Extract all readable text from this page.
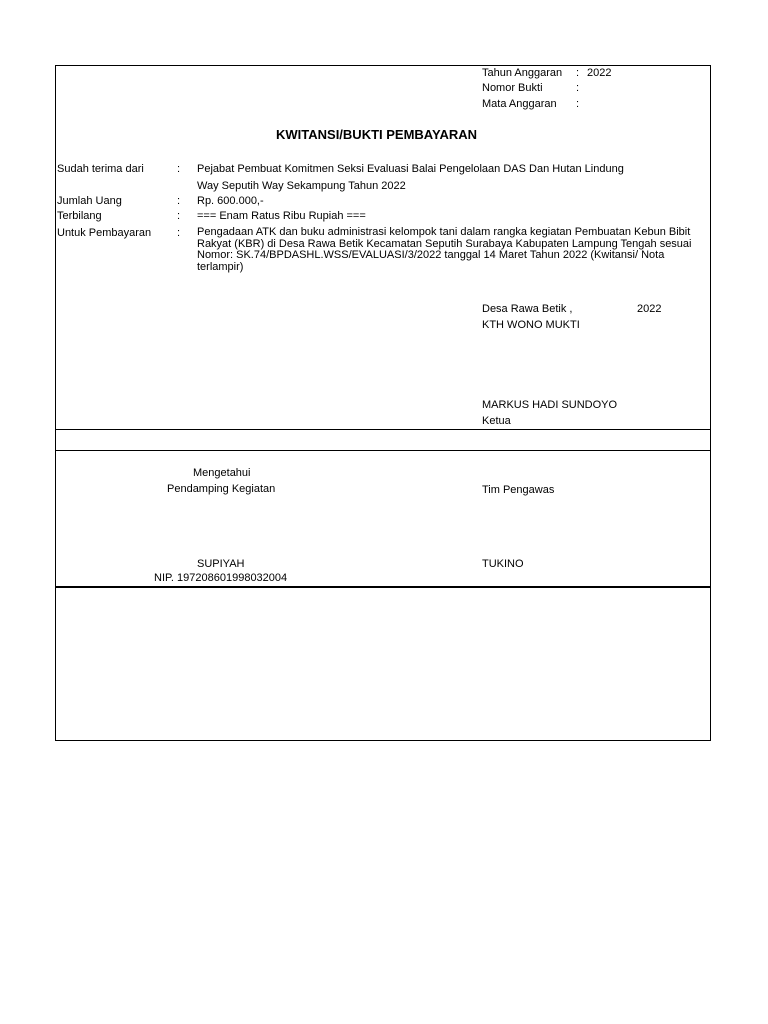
Tahun Anggaran : 2022
Nomor Bukti	:
Mata Anggaran :
KWITANSI/BUKTI PEMBAYARAN
Sudah terima dari	: Pejabat Pembuat Komitmen Seksi Evaluasi Balai Pengelolaan DAS Dan Hutan Lindung
Way Seputih Way Sekampung Tahun 2022
Jumlah Uang	: Rp. 600.000,-
Terbilang	: === Enam Ratus Ribu Rupiah ===
Untuk Pembayaran : Pengadaan ATK dan buku administrasi kelompok tani dalam rangka kegiatan Pembuatan Kebun Bibit Rakyat (KBR) di Desa Rawa Betik Kecamatan Seputih Surabaya Kabupaten Lampung Tengah sesuai Nomor: SK.74/BPDASHL.WSS/EVALUASI/3/2022 tanggal 14 Maret Tahun 2022 (Kwitansi/ Nota terlampir)
Desa Rawa Betik ,	2022
KTH WONO MUKTI
MARKUS HADI SUNDOYO
Ketua
Mengetahui
Pendamping Kegiatan	Tim Pengawas
SUPIYAH	TUKINO
NIP. 197208601998032004
